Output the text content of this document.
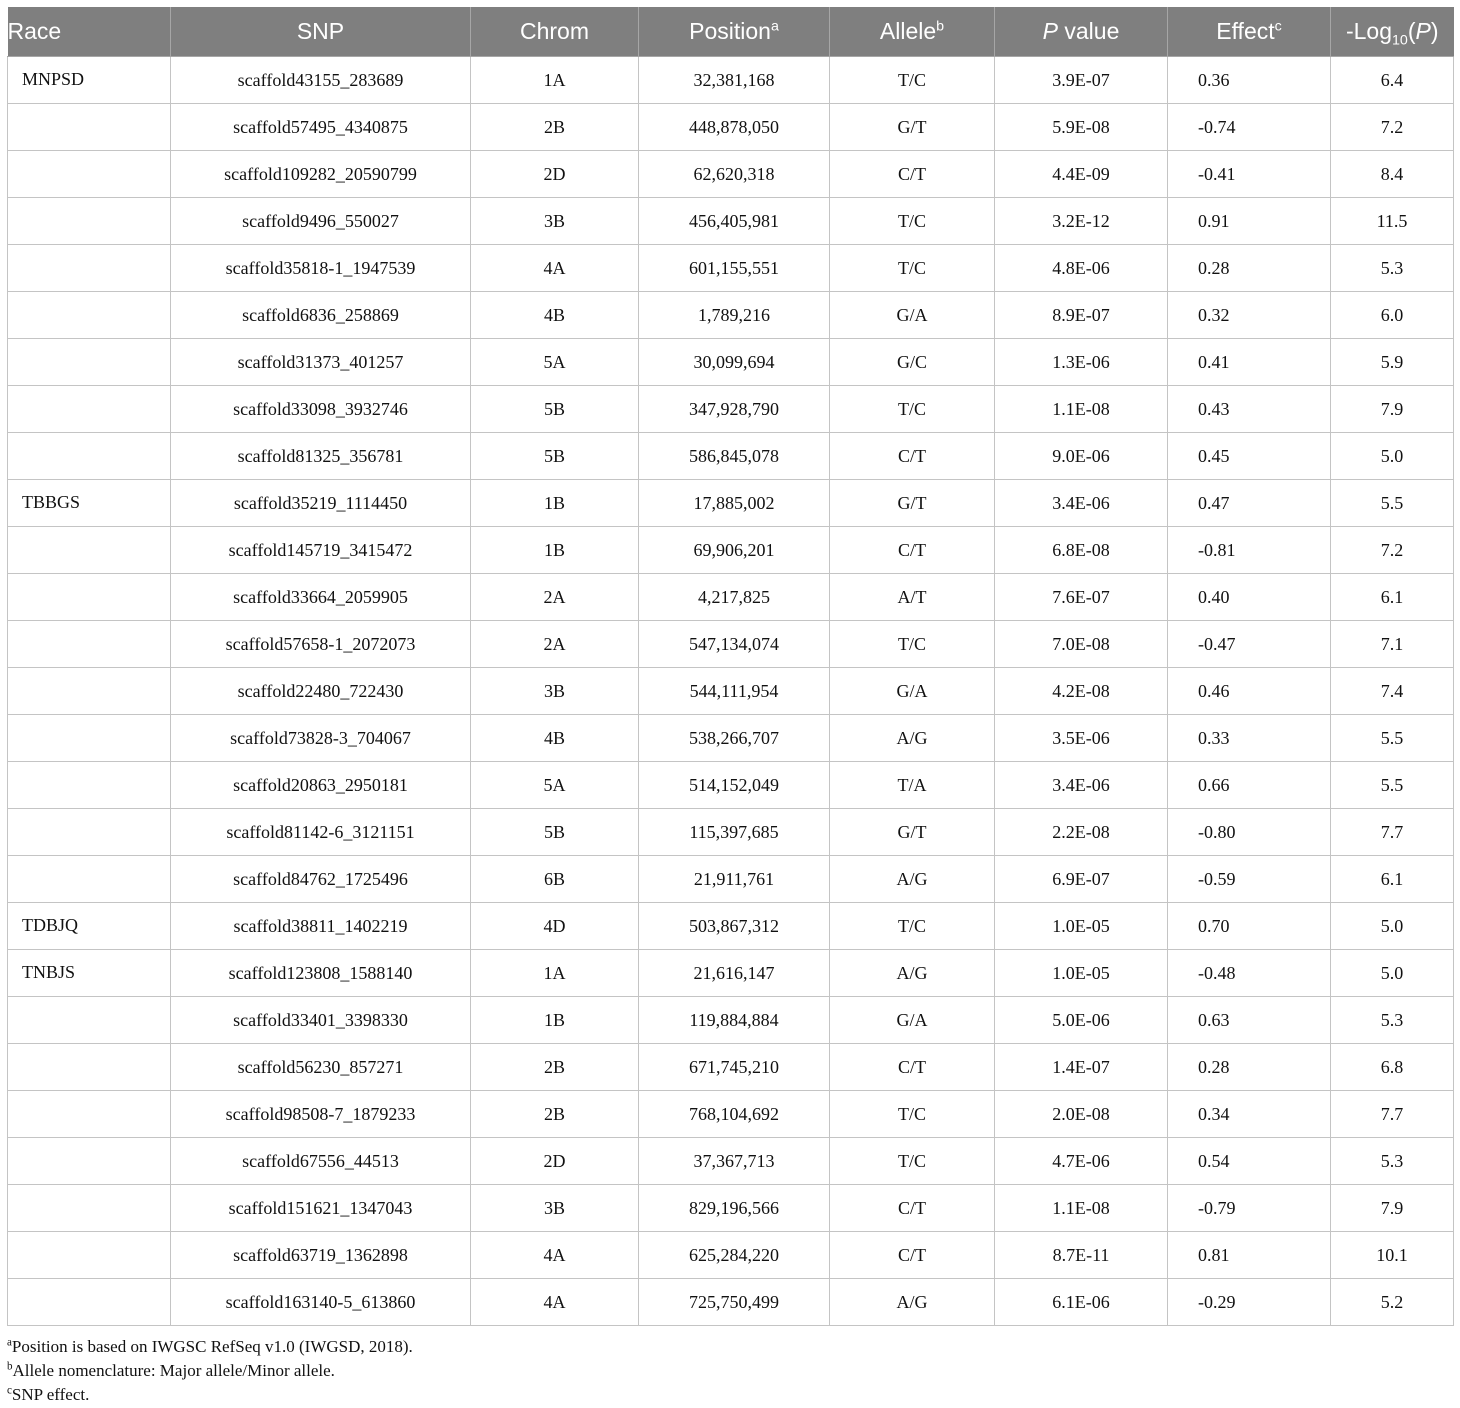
Race	SNP	Chrom	Position$^a$	Allele$^b$	P value	Effect$^c$	-Log$_{10}$(P)
MNPSD	scaffold43155_283689	1A	32,381,168	T/C	3.9E-07	0.36	6.4
	scaffold57495_4340875	2B	448,878,050	G/T	5.9E-08	-0.74	7.2
	scaffold109282_20590799	2D	62,620,318	C/T	4.4E-09	-0.41	8.4
	scaffold9496_550027	3B	456,405,981	T/C	3.2E-12	0.91	11.5
	scaffold35818-1_1947539	4A	601,155,551	T/C	4.8E-06	0.28	5.3
	scaffold6836_258869	4B	1,789,216	G/A	8.9E-07	0.32	6.0
	scaffold31373_401257	5A	30,099,694	G/C	1.3E-06	0.41	5.9
	scaffold33098_3932746	5B	347,928,790	T/C	1.1E-08	0.43	7.9
	scaffold81325_356781	5B	586,845,078	C/T	9.0E-06	0.45	5.0
TBBGS	scaffold35219_1114450	1B	17,885,002	G/T	3.4E-06	0.47	5.5
	scaffold145719_3415472	1B	69,906,201	C/T	6.8E-08	-0.81	7.2
	scaffold33664_2059905	2A	4,217,825	A/T	7.6E-07	0.40	6.1
	scaffold57658-1_2072073	2A	547,134,074	T/C	7.0E-08	-0.47	7.1
	scaffold22480_722430	3B	544,111,954	G/A	4.2E-08	0.46	7.4
	scaffold73828-3_704067	4B	538,266,707	A/G	3.5E-06	0.33	5.5
	scaffold20863_2950181	5A	514,152,049	T/A	3.4E-06	0.66	5.5
	scaffold81142-6_3121151	5B	115,397,685	G/T	2.2E-08	-0.80	7.7
	scaffold84762_1725496	6B	21,911,761	A/G	6.9E-07	-0.59	6.1
TDBJQ	scaffold38811_1402219	4D	503,867,312	T/C	1.0E-05	0.70	5.0
TNBJS	scaffold123808_1588140	1A	21,616,147	A/G	1.0E-05	-0.48	5.0
	scaffold33401_3398330	1B	119,884,884	G/A	5.0E-06	0.63	5.3
	scaffold56230_857271	2B	671,745,210	C/T	1.4E-07	0.28	6.8
	scaffold98508-7_1879233	2B	768,104,692	T/C	2.0E-08	0.34	7.7
	scaffold67556_44513	2D	37,367,713	T/C	4.7E-06	0.54	5.3
	scaffold151621_1347043	3B	829,196,566	C/T	1.1E-08	-0.79	7.9
	scaffold63719_1362898	4A	625,284,220	C/T	8.7E-11	0.81	10.1
	scaffold163140-5_613860	4A	725,750,499	A/G	6.1E-06	-0.29	5.2
$^a$Position is based on IWGSC RefSeq v1.0 (IWGSD, 2018).
$^b$Allele nomenclature: Major allele/Minor allele.
$^c$SNP effect.
